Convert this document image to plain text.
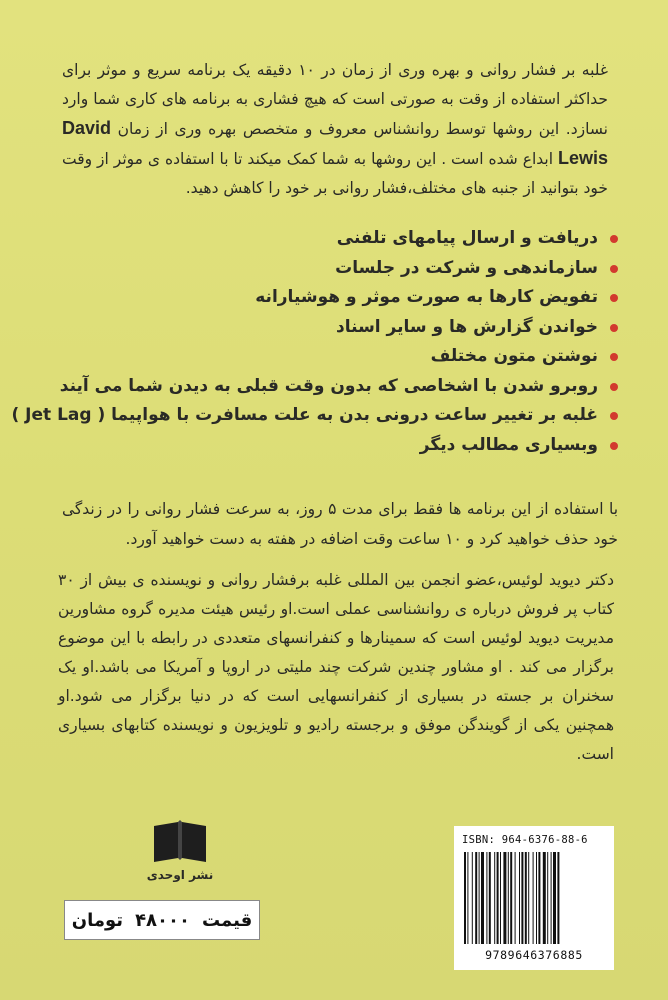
غلبه بر فشار روانی و بهره وری از زمان در ۱۰ دقیقه یک برنامه سریع و موثر برای حداکثر استفاده از وقت به صورتی است که هیچ فشاری به برنامه های کاری شما وارد نسازد. این روشها توسط روانشناس معروف و متخصص بهره وری از زمان David Lewis ابداع شده است . این روشها به شما کمک میکند تا با استفاده ی موثر از وقت خود بتوانید از جنبه های مختلف،فشار روانی بر خود را کاهش دهید.

دریافت و ارسال پیامهای تلفنی
سازماندهی و شرکت در جلسات
تفویض کارها به صورت موثر و هوشیارانه
خواندن گزارش ها و سایر اسناد
نوشتن متون مختلف
روبرو شدن با اشخاصی که بدون وقت قبلی به دیدن شما می آیند
غلبه بر تغییر ساعت درونی بدن به علت مسافرت با هواپیما ( Jet Lag )
وبسیاری مطالب دیگر

با استفاده از این برنامه ها فقط برای مدت ۵ روز، به سرعت فشار روانی را در زندگی خود حذف خواهید کرد و ۱۰ ساعت وقت اضافه در هفته به دست خواهید آورد.

دکتر دیوید لوئیس،عضو انجمن بین المللی غلبه برفشار روانی و نویسنده ی بیش از ۳۰ کتاب پر فروش درباره ی روانشناسی عملی است.او رئیس هیئت مدیره گروه مشاورین مدیریت دیوید لوئیس است که سمینارها و کنفرانسهای متعددی در رابطه با این موضوع برگزار می کند . او مشاور چندین شرکت چند ملیتی در اروپا و آمریکا می باشد.او یک سخنران بر جسته در بسیاری از کنفرانسهایی است که در دنیا برگزار می شود.او همچنین یکی از گویندگن موفق و برجسته رادیو و تلویزیون و نویسنده کتابهای بسیاری است.

نشر اوحدی
قیمت
۴۸۰۰۰
تومان
ISBN: 964-6376-88-6
9789646376885
